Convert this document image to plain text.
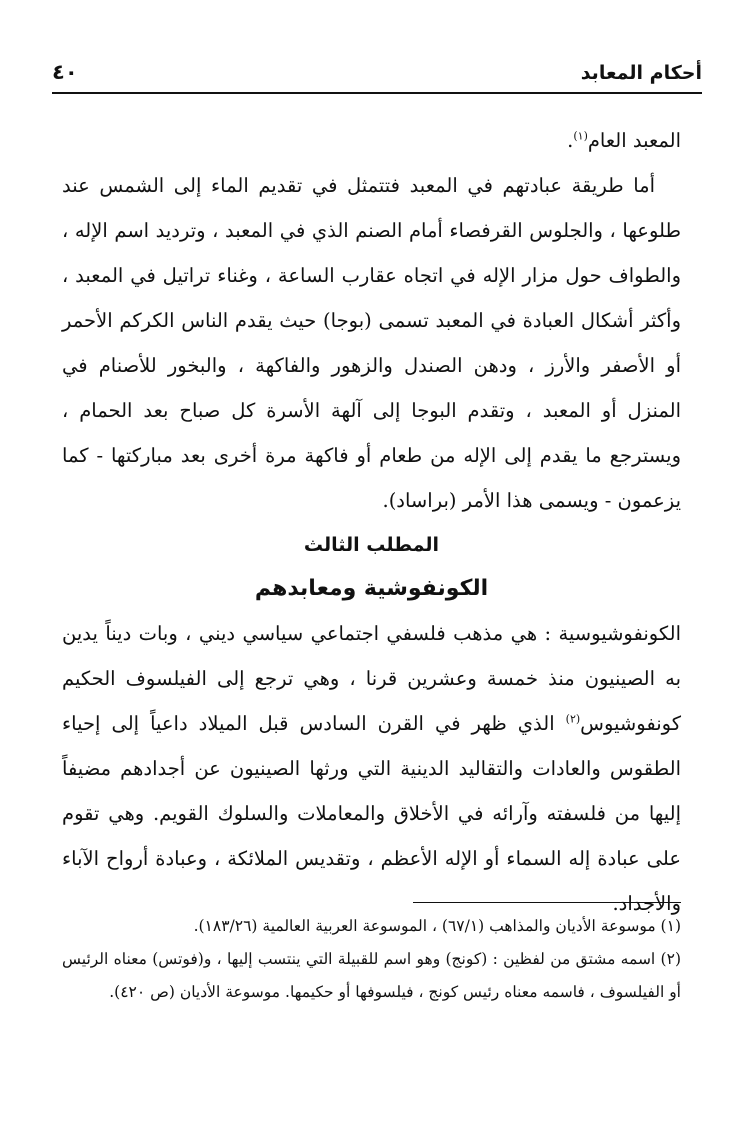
أحكام المعابد
٤٠

المعبد العام$^{(١)}$.

أما طريقة عبادتهم في المعبد فتتمثل في تقديم الماء إلى الشمس عند طلوعها ، والجلوس القرفصاء أمام الصنم الذي في المعبد ، وترديد اسم الإله ، والطواف حول مزار الإله في اتجاه عقارب الساعة ، وغناء تراتيل في المعبد ، وأكثر أشكال العبادة في المعبد تسمى (بوجا) حيث يقدم الناس الكركم الأحمر أو الأصفر والأرز ، ودهن الصندل والزهور والفاكهة ، والبخور للأصنام في المنزل أو المعبد ، وتقدم البوجا إلى آلهة الأسرة كل صباح بعد الحمام ، ويسترجع ما يقدم إلى الإله من طعام أو فاكهة مرة أخرى بعد مباركتها - كما يزعمون - ويسمى هذا الأمر (براساد).

المطلب الثالث

الكونفوشية ومعابدهم

الكونفوشيوسية : هي مذهب فلسفي اجتماعي سياسي ديني ، وبات ديناً يدين به الصينيون منذ خمسة وعشرين قرنا ، وهي ترجع إلى الفيلسوف الحكيم كونفوشيوس$^{(٢)}$ الذي ظهر في القرن السادس قبل الميلاد داعياً إلى إحياء الطقوس والعادات والتقاليد الدينية التي ورثها الصينيون عن أجدادهم مضيفاً إليها من فلسفته وآرائه في الأخلاق والمعاملات والسلوك القويم. وهي تقوم على عبادة إله السماء أو الإله الأعظم ، وتقديس الملائكة ، وعبادة أرواح الآباء والأجداد.

(١) موسوعة الأديان والمذاهب (٦٧/١) ، الموسوعة العربية العالمية (١٨٣/٢٦).

(٢) اسمه مشتق من لفظين : (كونج) وهو اسم للقبيلة التي ينتسب إليها ، و(فوتس) معناه الرئيس أو الفيلسوف ، فاسمه معناه رئيس كونج ، فيلسوفها أو حكيمها. موسوعة الأديان (ص ٤٢٠).
